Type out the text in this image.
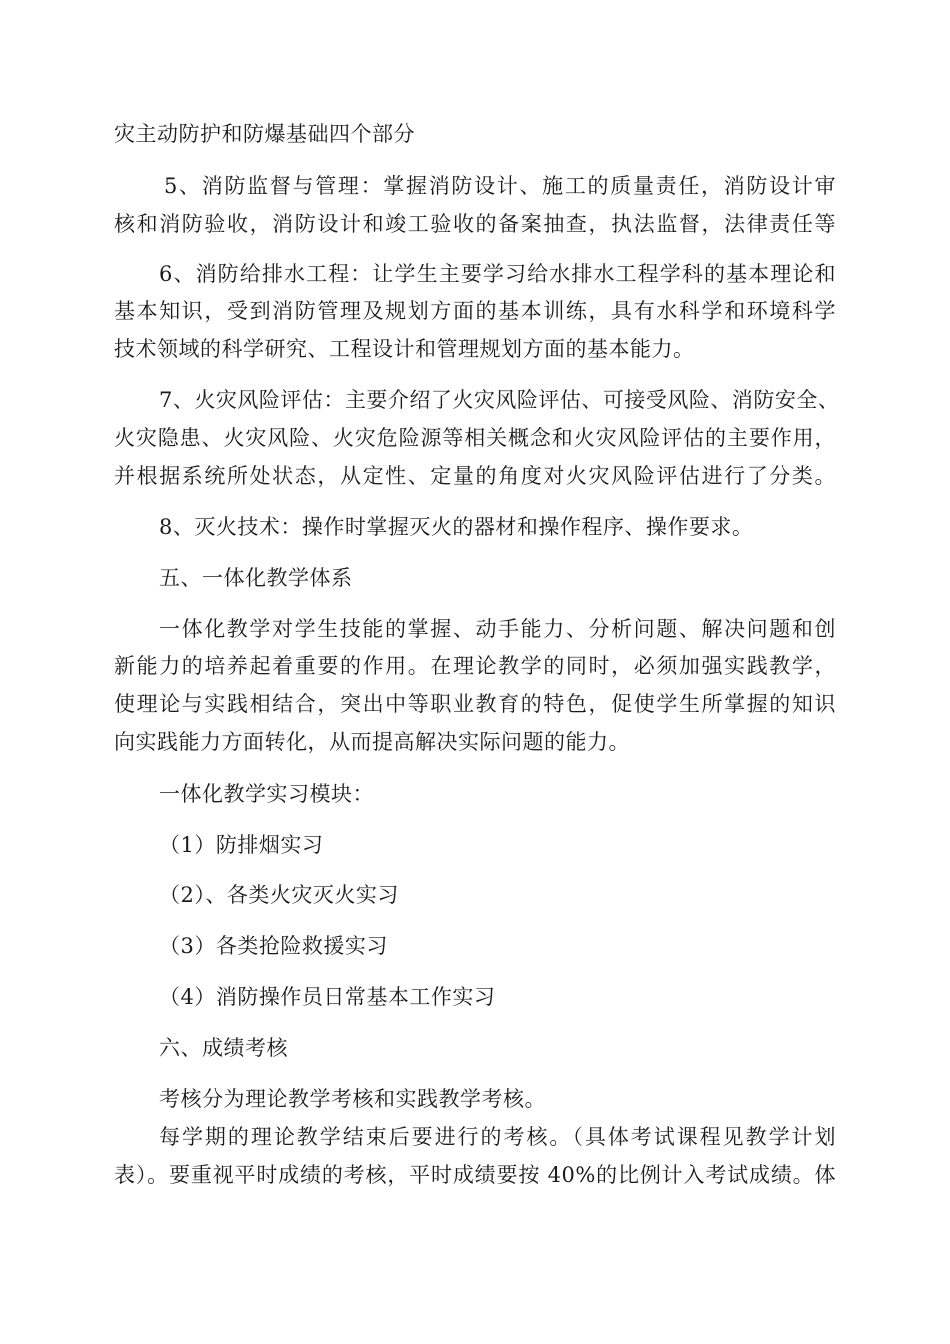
灾主动防护和防爆基础四个部分
5、消防监督与管理：掌握消防设计、施工的质量责任，消防设计审
核和消防验收，消防设计和竣工验收的备案抽查，执法监督，法律责任等
6、消防给排水工程：让学生主要学习给水排水工程学科的基本理论和
基本知识，受到消防管理及规划方面的基本训练，具有水科学和环境科学
技术领域的科学研究、工程设计和管理规划方面的基本能力。
7、火灾风险评估：主要介绍了火灾风险评估、可接受风险、消防安全、
火灾隐患、火灾风险、火灾危险源等相关概念和火灾风险评估的主要作用，
并根据系统所处状态，从定性、定量的角度对火灾风险评估进行了分类。
8、灭火技术：操作时掌握灭火的器材和操作程序、操作要求。
五、一体化教学体系
一体化教学对学生技能的掌握、动手能力、分析问题、解决问题和创
新能力的培养起着重要的作用。在理论教学的同时，必须加强实践教学，
使理论与实践相结合，突出中等职业教育的特色，促使学生所掌握的知识
向实践能力方面转化，从而提高解决实际问题的能力。
一体化教学实习模块：
（1）防排烟实习
（2）、各类火灾灭火实习
（3）各类抢险救援实习
（4）消防操作员日常基本工作实习
六、成绩考核
考核分为理论教学考核和实践教学考核。
每学期的理论教学结束后要进行的考核。（具体考试课程见教学计划
表）。要重视平时成绩的考核，平时成绩要按 40%的比例计入考试成绩。体
